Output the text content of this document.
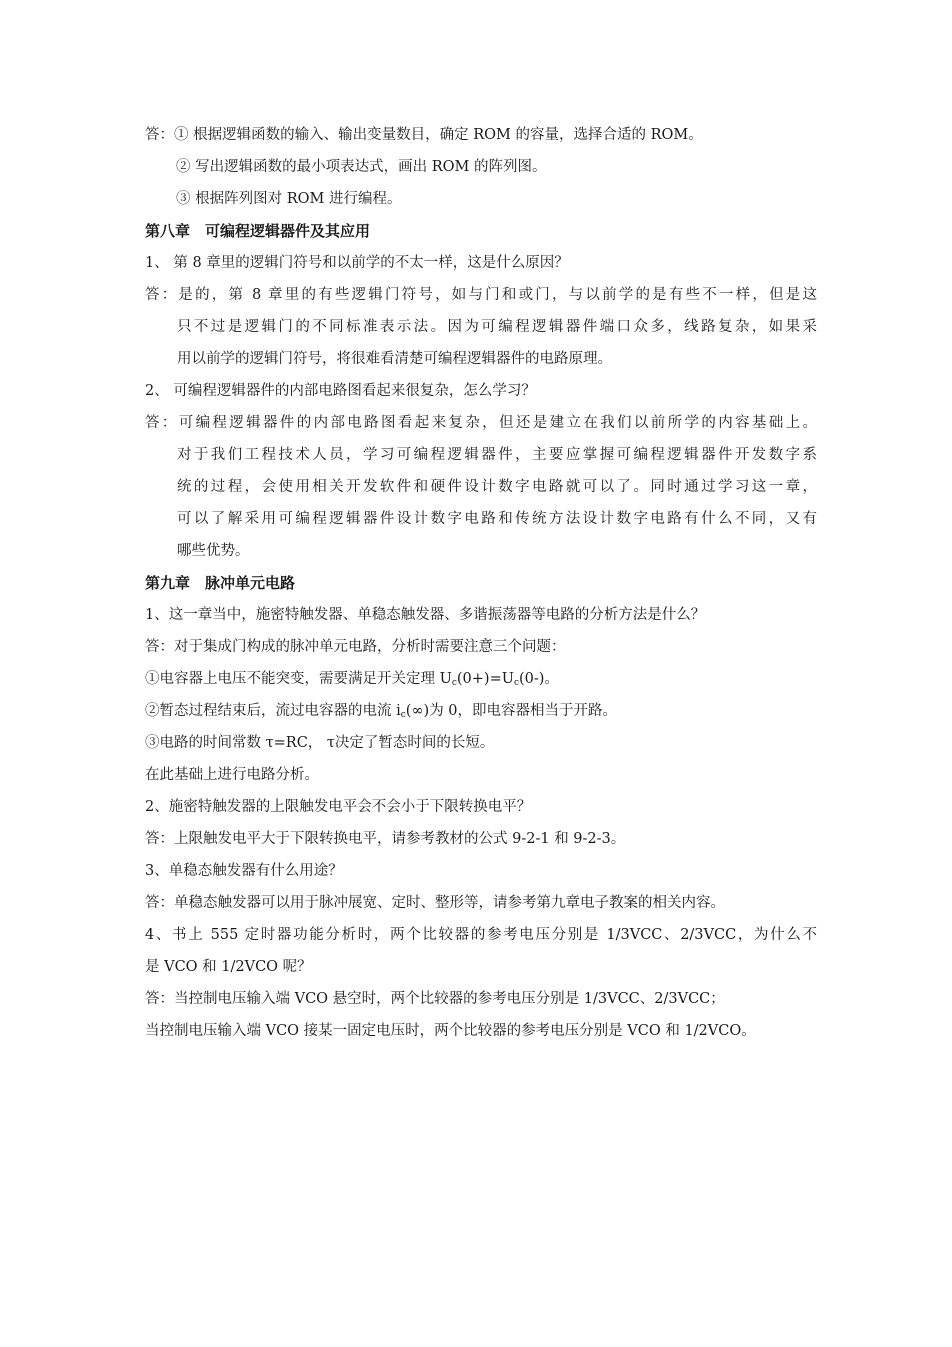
答：① 根据逻辑函数的输入、输出变量数目，确定 ROM 的容量，选择合适的 ROM。
② 写出逻辑函数的最小项表达式，画出 ROM 的阵列图。
③ 根据阵列图对 ROM 进行编程。
第八章　可编程逻辑器件及其应用
1、 第 8 章里的逻辑门符号和以前学的不太一样，这是什么原因？
答：是的，第 8 章里的有些逻辑门符号，如与门和或门，与以前学的是有些不一样，但是这
只不过是逻辑门的不同标准表示法。因为可编程逻辑器件端口众多，线路复杂，如果采
用以前学的逻辑门符号，将很难看清楚可编程逻辑器件的电路原理。
2、 可编程逻辑器件的内部电路图看起来很复杂，怎么学习？
答：可编程逻辑器件的内部电路图看起来复杂，但还是建立在我们以前所学的内容基础上。
对于我们工程技术人员，学习可编程逻辑器件，主要应掌握可编程逻辑器件开发数字系
统的过程，会使用相关开发软件和硬件设计数字电路就可以了。同时通过学习这一章，
可以了解采用可编程逻辑器件设计数字电路和传统方法设计数字电路有什么不同，又有
哪些优势。
第九章　脉冲单元电路
1、这一章当中，施密特触发器、单稳态触发器、多谐振荡器等电路的分析方法是什么？
答：对于集成门构成的脉冲单元电路，分析时需要注意三个问题：
①电容器上电压不能突变，需要满足开关定理 $U_c(0+)=U_c(0-)$。
②暂态过程结束后，流过电容器的电流 $i_c(\infty)$为 0，即电容器相当于开路。
③电路的时间常数 τ=RC， τ决定了暂态时间的长短。
在此基础上进行电路分析。
2、施密特触发器的上限触发电平会不会小于下限转换电平？
答：上限触发电平大于下限转换电平，请参考教材的公式 9-2-1 和 9-2-3。
3、单稳态触发器有什么用途？
答：单稳态触发器可以用于脉冲展宽、定时、整形等，请参考第九章电子教案的相关内容。
4、书上 555 定时器功能分析时，两个比较器的参考电压分别是 1/3VCC、2/3VCC，为什么不
是 VCO 和 1/2VCO 呢？
答：当控制电压输入端 VCO 悬空时，两个比较器的参考电压分别是 1/3VCC、2/3VCC；
当控制电压输入端 VCO 接某一固定电压时，两个比较器的参考电压分别是 VCO 和 1/2VCO。
